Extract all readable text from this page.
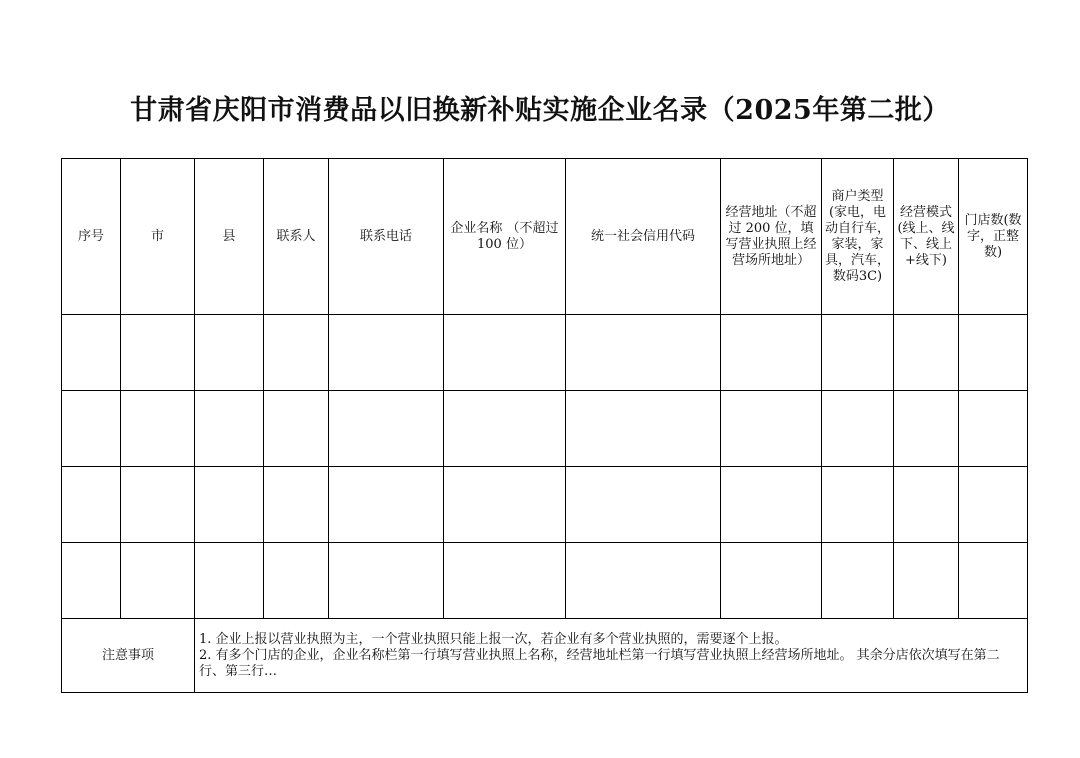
甘肃省庆阳市消费品以旧换新补贴实施企业名录（2025年第二批）
序号	市	县	联系人	联系电话	企业名称 （不超过 100 位）	统一社会信用代码	经营地址（不超过 200 位，填写营业执照上经营场所地址）	商户类型(家电，电动自行车，家装，家具，汽车，数码3C)	经营模式(线上、线下、线上+线下)	门店数(数字，正整数)

注意事项		1. 企业上报以营业执照为主，一个营业执照只能上报一次，若企业有多个营业执照的，需要逐个上报。
2. 有多个门店的企业，企业名称栏第一行填写营业执照上名称，经营地址栏第一行填写营业执照上经营场所地址。 其余分店依次填写在第二行、第三行…								
